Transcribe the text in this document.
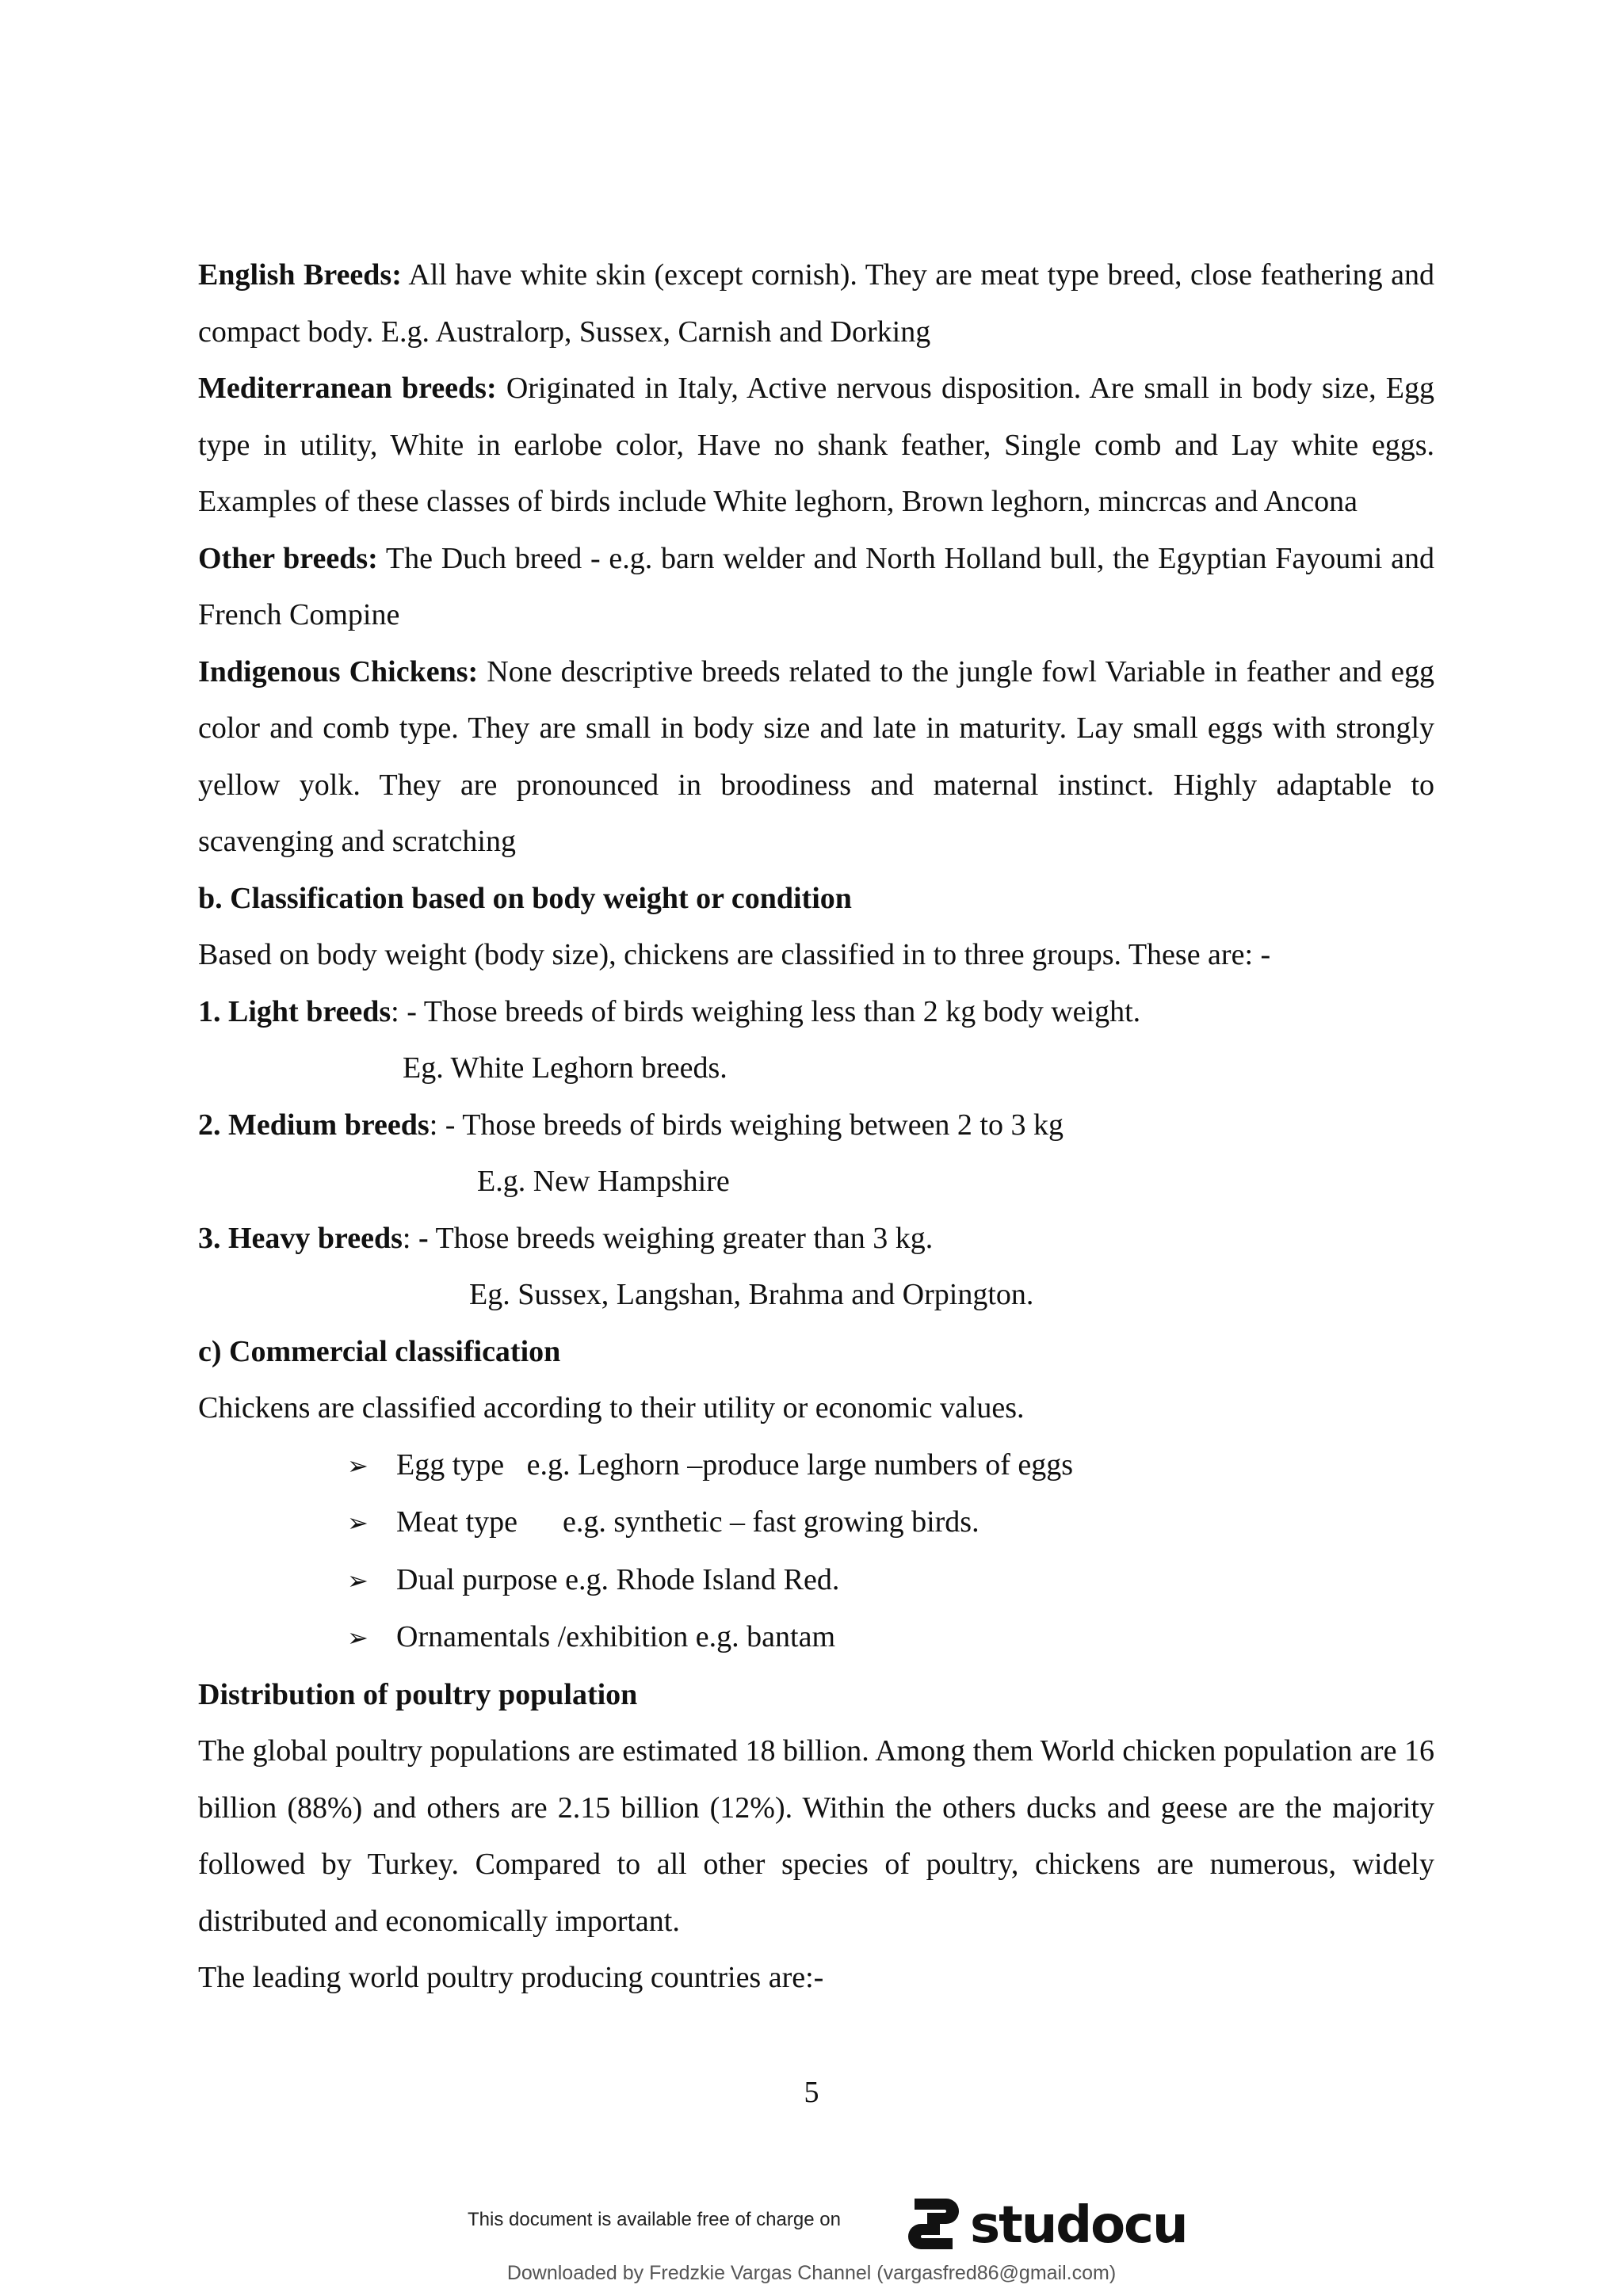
English Breeds: All have white skin (except cornish). They are meat type breed, close feathering and compact body. E.g. Australorp, Sussex, Carnish and Dorking

Mediterranean breeds: Originated in Italy, Active nervous disposition. Are small in body size, Egg type in utility, White in earlobe color, Have no shank feather, Single comb and Lay white eggs. Examples of these classes of birds include White leghorn, Brown leghorn, mincrcas and Ancona

Other breeds: The Duch breed - e.g. barn welder and North Holland bull, the Egyptian Fayoumi and French Compine

Indigenous Chickens: None descriptive breeds related to the jungle fowl Variable in feather and egg color and comb type. They are small in body size and late in maturity. Lay small eggs with strongly yellow yolk. They are pronounced in broodiness and maternal instinct. Highly adaptable to scavenging and scratching

b. Classification based on body weight or condition

Based on body weight (body size), chickens are classified in to three groups. These are: -

1. Light breeds: - Those breeds of birds weighing less than 2 kg body weight.

Eg. White Leghorn breeds.

2. Medium breeds: - Those breeds of birds weighing between 2 to 3 kg

E.g. New Hampshire

3. Heavy breeds: - Those breeds weighing greater than 3 kg.

Eg. Sussex, Langshan, Brahma and Orpington.

c) Commercial classification

Chickens are classified according to their utility or economic values.

➢ Egg type   e.g. Leghorn –produce large numbers of eggs
➢ Meat type      e.g. synthetic – fast growing birds.
➢ Dual purpose e.g. Rhode Island Red.
➢ Ornamentals /exhibition e.g. bantam

Distribution of poultry population

The global poultry populations are estimated 18 billion. Among them World chicken population are 16 billion (88%) and others are 2.15 billion (12%). Within the others ducks and geese are the majority followed by Turkey. Compared to all other species of poultry, chickens are numerous, widely distributed and economically important.

The leading world poultry producing countries are:-

5
This document is available free of charge on	studocu
Downloaded by Fredzkie Vargas Channel (vargasfred86@gmail.com)
